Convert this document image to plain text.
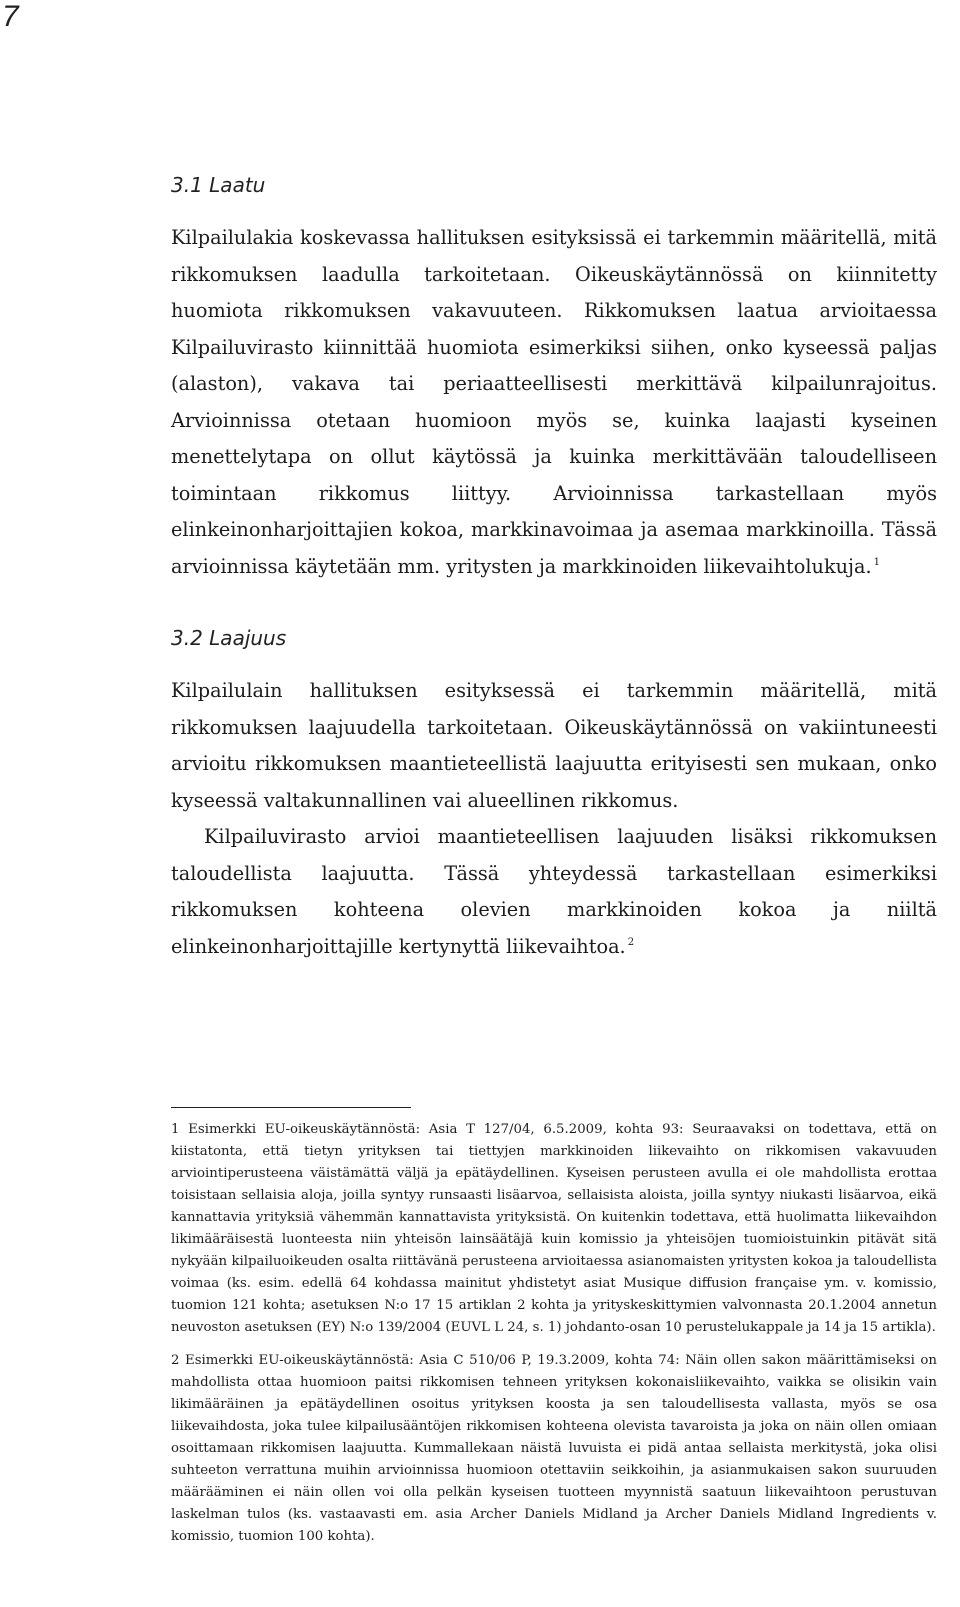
7
3.1 Laatu

Kilpailulakia koskevassa hallituksen esityksissä ei tarkemmin määritellä, mitä rikkomuksen laadulla tarkoitetaan. Oikeuskäytännössä on kiinnitetty huomiota rikkomuksen vakavuuteen. Rikkomuksen laatua arvioitaessa Kilpailuvirasto kiinnittää huomiota esimerkiksi siihen, onko kyseessä paljas (alaston), vakava tai periaatteellisesti merkittävä kilpailunrajoitus. Arvioinnissa otetaan huomioon myös se, kuinka laajasti kyseinen menettelytapa on ollut käytössä ja kuinka merkittävään taloudelliseen toimintaan rikkomus liittyy. Arvioinnissa tarkastellaan myös elinkeinonharjoittajien kokoa, markkinavoimaa ja asemaa markkinoilla. Tässä arvioinnissa käytetään mm. yritysten ja markkinoiden liikevaihtolukuja. $^1$

3.2 Laajuus

Kilpailulain hallituksen esityksessä ei tarkemmin määritellä, mitä rikkomuksen laajuudella tarkoitetaan. Oikeuskäytännössä on vakiintuneesti arvioitu rikkomuksen maantieteellistä laajuutta erityisesti sen mukaan, onko kyseessä valtakunnallinen vai alueellinen rikkomus.

Kilpailuvirasto arvioi maantieteellisen laajuuden lisäksi rikkomuksen taloudellista laajuutta. Tässä yhteydessä tarkastellaan esimerkiksi rikkomuksen kohteena olevien markkinoiden kokoa ja niiltä elinkeinonharjoittajille kertynyttä liikevaihtoa. $^2$

1 Esimerkki EU-oikeuskäytännöstä: Asia T 127/04, 6.5.2009, kohta 93: Seuraavaksi on todettava, että on kiistatonta, että tietyn yrityksen tai tiettyjen markkinoiden liikevaihto on rikkomisen vakavuuden arviointiperusteena väistämättä väljä ja epätäydellinen. Kyseisen perusteen avulla ei ole mahdollista erottaa toisistaan sellaisia aloja, joilla syntyy runsaasti lisäarvoa, sellaisista aloista, joilla syntyy niukasti lisäarvoa, eikä kannattavia yrityksiä vähemmän kannattavista yrityksistä. On kuitenkin todettava, että huolimatta liikevaihdon likimääräisestä luonteesta niin yhteisön lainsäätäjä kuin komissio ja yhteisöjen tuomioistuinkin pitävät sitä nykyään kilpailuoikeuden osalta riittävänä perusteena arvioitaessa asianomaisten yritysten kokoa ja taloudellista voimaa (ks. esim. edellä 64 kohdassa mainitut yhdistetyt asiat Musique diffusion française ym. v. komissio, tuomion 121 kohta; asetuksen N:o 17 15 artiklan 2 kohta ja yrityskeskittymien valvonnasta 20.1.2004 annetun neuvoston asetuksen (EY) N:o 139/2004 (EUVL L 24, s. 1) johdanto-osan 10 perustelukappale ja 14 ja 15 artikla).

2 Esimerkki EU-oikeuskäytännöstä: Asia C 510/06 P, 19.3.2009, kohta 74: Näin ollen sakon määrittämiseksi on mahdollista ottaa huomioon paitsi rikkomisen tehneen yrityksen kokonaisliikevaihto, vaikka se olisikin vain likimääräinen ja epätäydellinen osoitus yrityksen koosta ja sen taloudellisesta vallasta, myös se osa liikevaihdosta, joka tulee kilpailusääntöjen rikkomisen kohteena olevista tavaroista ja joka on näin ollen omiaan osoittamaan rikkomisen laajuutta. Kummallekaan näistä luvuista ei pidä antaa sellaista merkitystä, joka olisi suhteeton verrattuna muihin arvioinnissa huomioon otettaviin seikkoihin, ja asianmukaisen sakon suuruuden määrääminen ei näin ollen voi olla pelkän kyseisen tuotteen myynnistä saatuun liikevaihtoon perustuvan laskelman tulos (ks. vastaavasti em. asia Archer Daniels Midland ja Archer Daniels Midland Ingredients v. komissio, tuomion 100 kohta).
